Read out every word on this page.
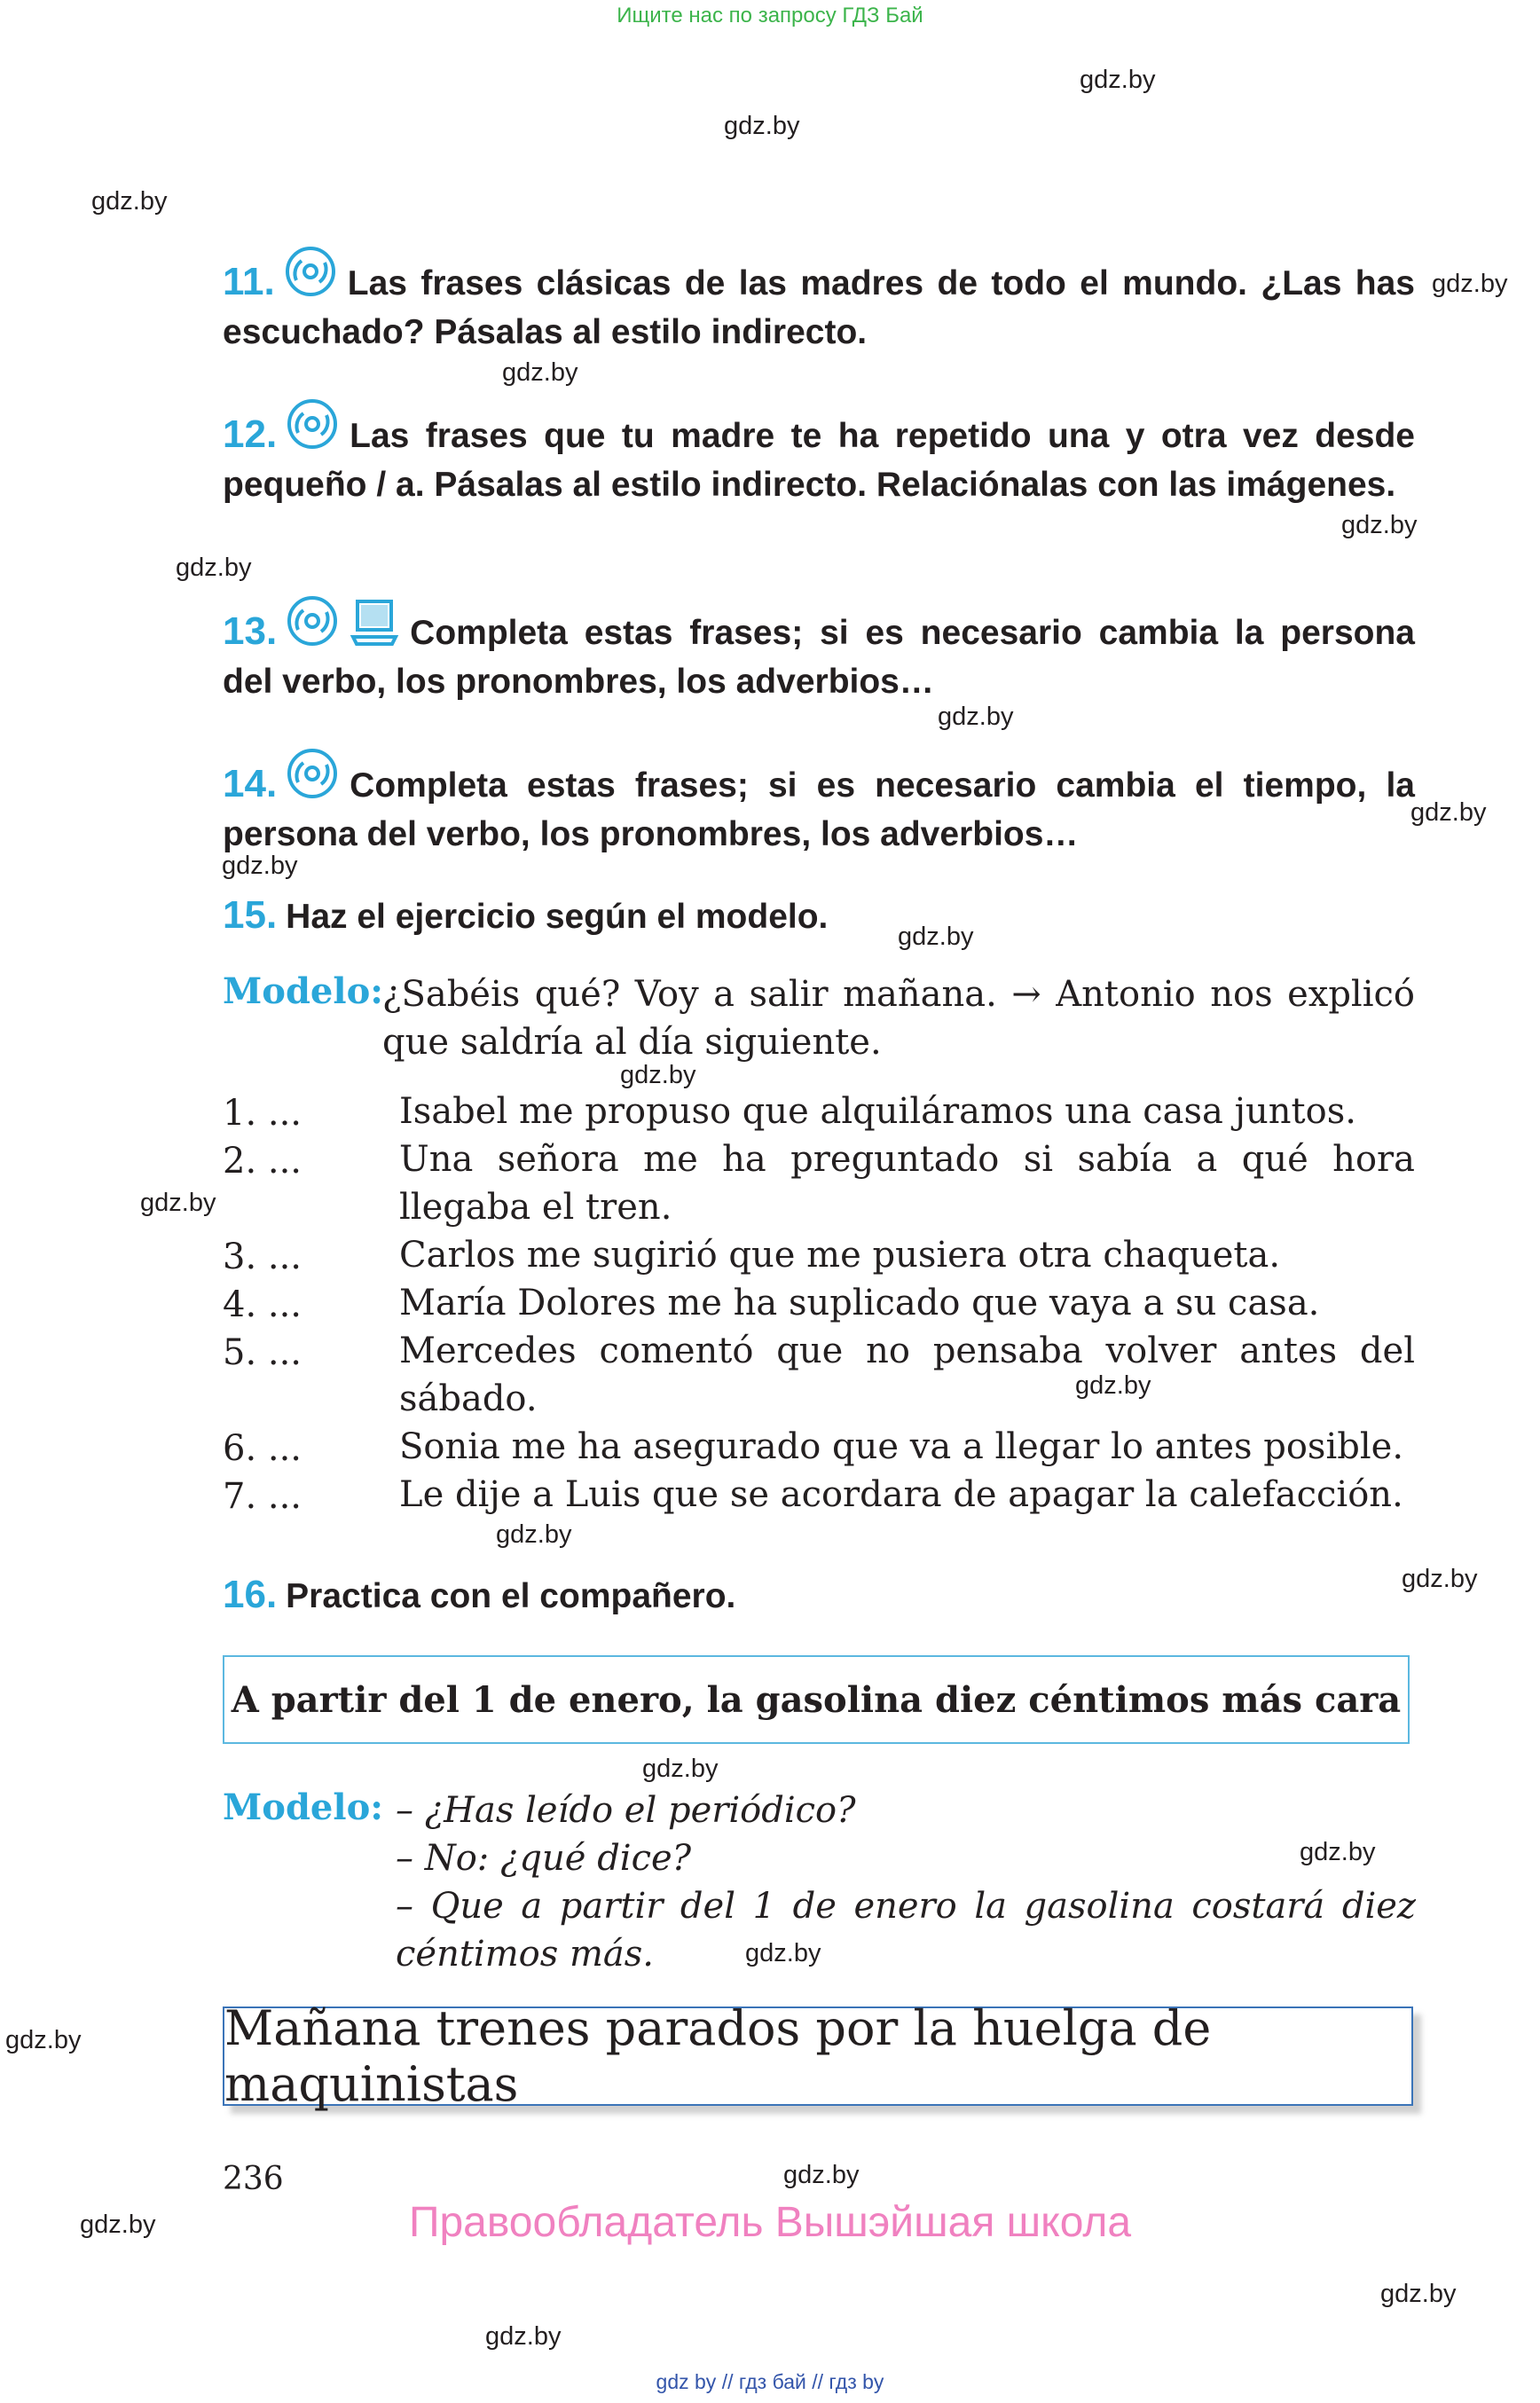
Ищите нас по запросу ГДЗ Бай
gdz.by
gdz.by
gdz.by
gdz.by
gdz.by
gdz.by
gdz.by
gdz.by
gdz.by
gdz.by
gdz.by
gdz.by
gdz.by
gdz.by
gdz.by
gdz.by
gdz.by
gdz.by
gdz.by
gdz.by
gdz.by
gdz.by
gdz.by
gdz.by
11. Las frases clásicas de las madres de todo el mundo. ¿Las has escuchado? Pásalas al estilo indirecto.
12. Las frases que tu madre te ha repetido una y otra vez desde pequeño / a. Pásalas al estilo indirecto. Relaciónalas con las imágenes.
13.	Completa estas frases; si es necesario cambia la persona del verbo, los pronombres, los adverbios…
14. Completa estas frases; si es necesario cambia el tiempo, la persona del verbo, los pronombres, los adverbios…
15. Haz el ejercicio según el modelo.
Modelo:
¿Sabéis qué? Voy a salir mañana. → Antonio nos explicó que saldría al día siguiente.
1. ...	Isabel me propuso que alquiláramos una casa juntos.
2. ...	Una señora me ha preguntado si sabía a qué hora llegaba el tren.
3. ...	Carlos me sugirió que me pusiera otra chaqueta.
4. ...	María Dolores me ha suplicado que vaya a su casa.
5. ...	Mercedes comentó que no pensaba volver antes del sábado.
6. ...	Sonia me ha asegurado que va a llegar lo antes posible.
7. ...	Le dije a Luis que se acordara de apagar la calefacción.
16. Practica con el compañero.
A partir del 1 de enero, la gasolina diez céntimos más cara
Modelo: – ¿Has leído el periódico?
– No: ¿qué dice?
– Que a partir del 1 de enero la gasolina costará diez céntimos más.
Mañana trenes parados por la huelga de maquinistas
236
Правообладатель Вышэйшая школа
gdz by // гдз бай // гдз by
